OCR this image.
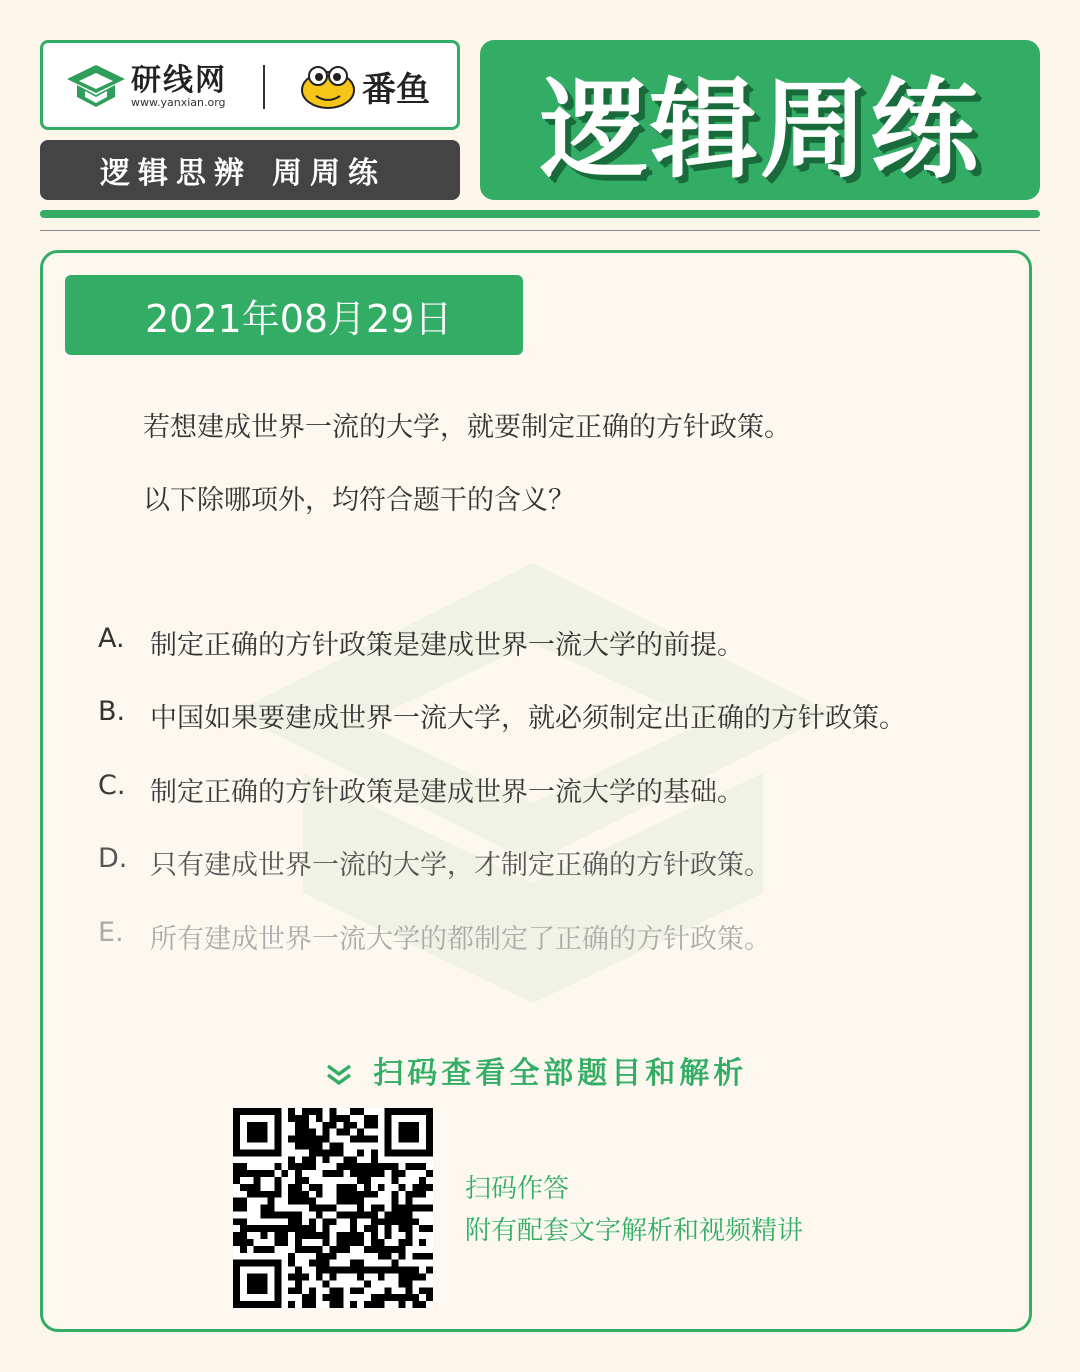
研线网
www.yanxian.org	番鱼
逻辑思辨 周周练 逻辑周练
2021年08月29日
若想建成世界一流的大学，就要制定正确的方针政策。
以下除哪项外，均符合题干的含义？
A. 制定正确的方针政策是建成世界一流大学的前提。
B. 中国如果要建成世界一流大学，就必须制定出正确的方针政策。
C. 制定正确的方针政策是建成世界一流大学的基础。
D. 只有建成世界一流的大学，才制定正确的方针政策。
E. 所有建成世界一流大学的都制定了正确的方针政策。
扫码查看全部题目和解析
扫码作答
附有配套文字解析和视频精讲
